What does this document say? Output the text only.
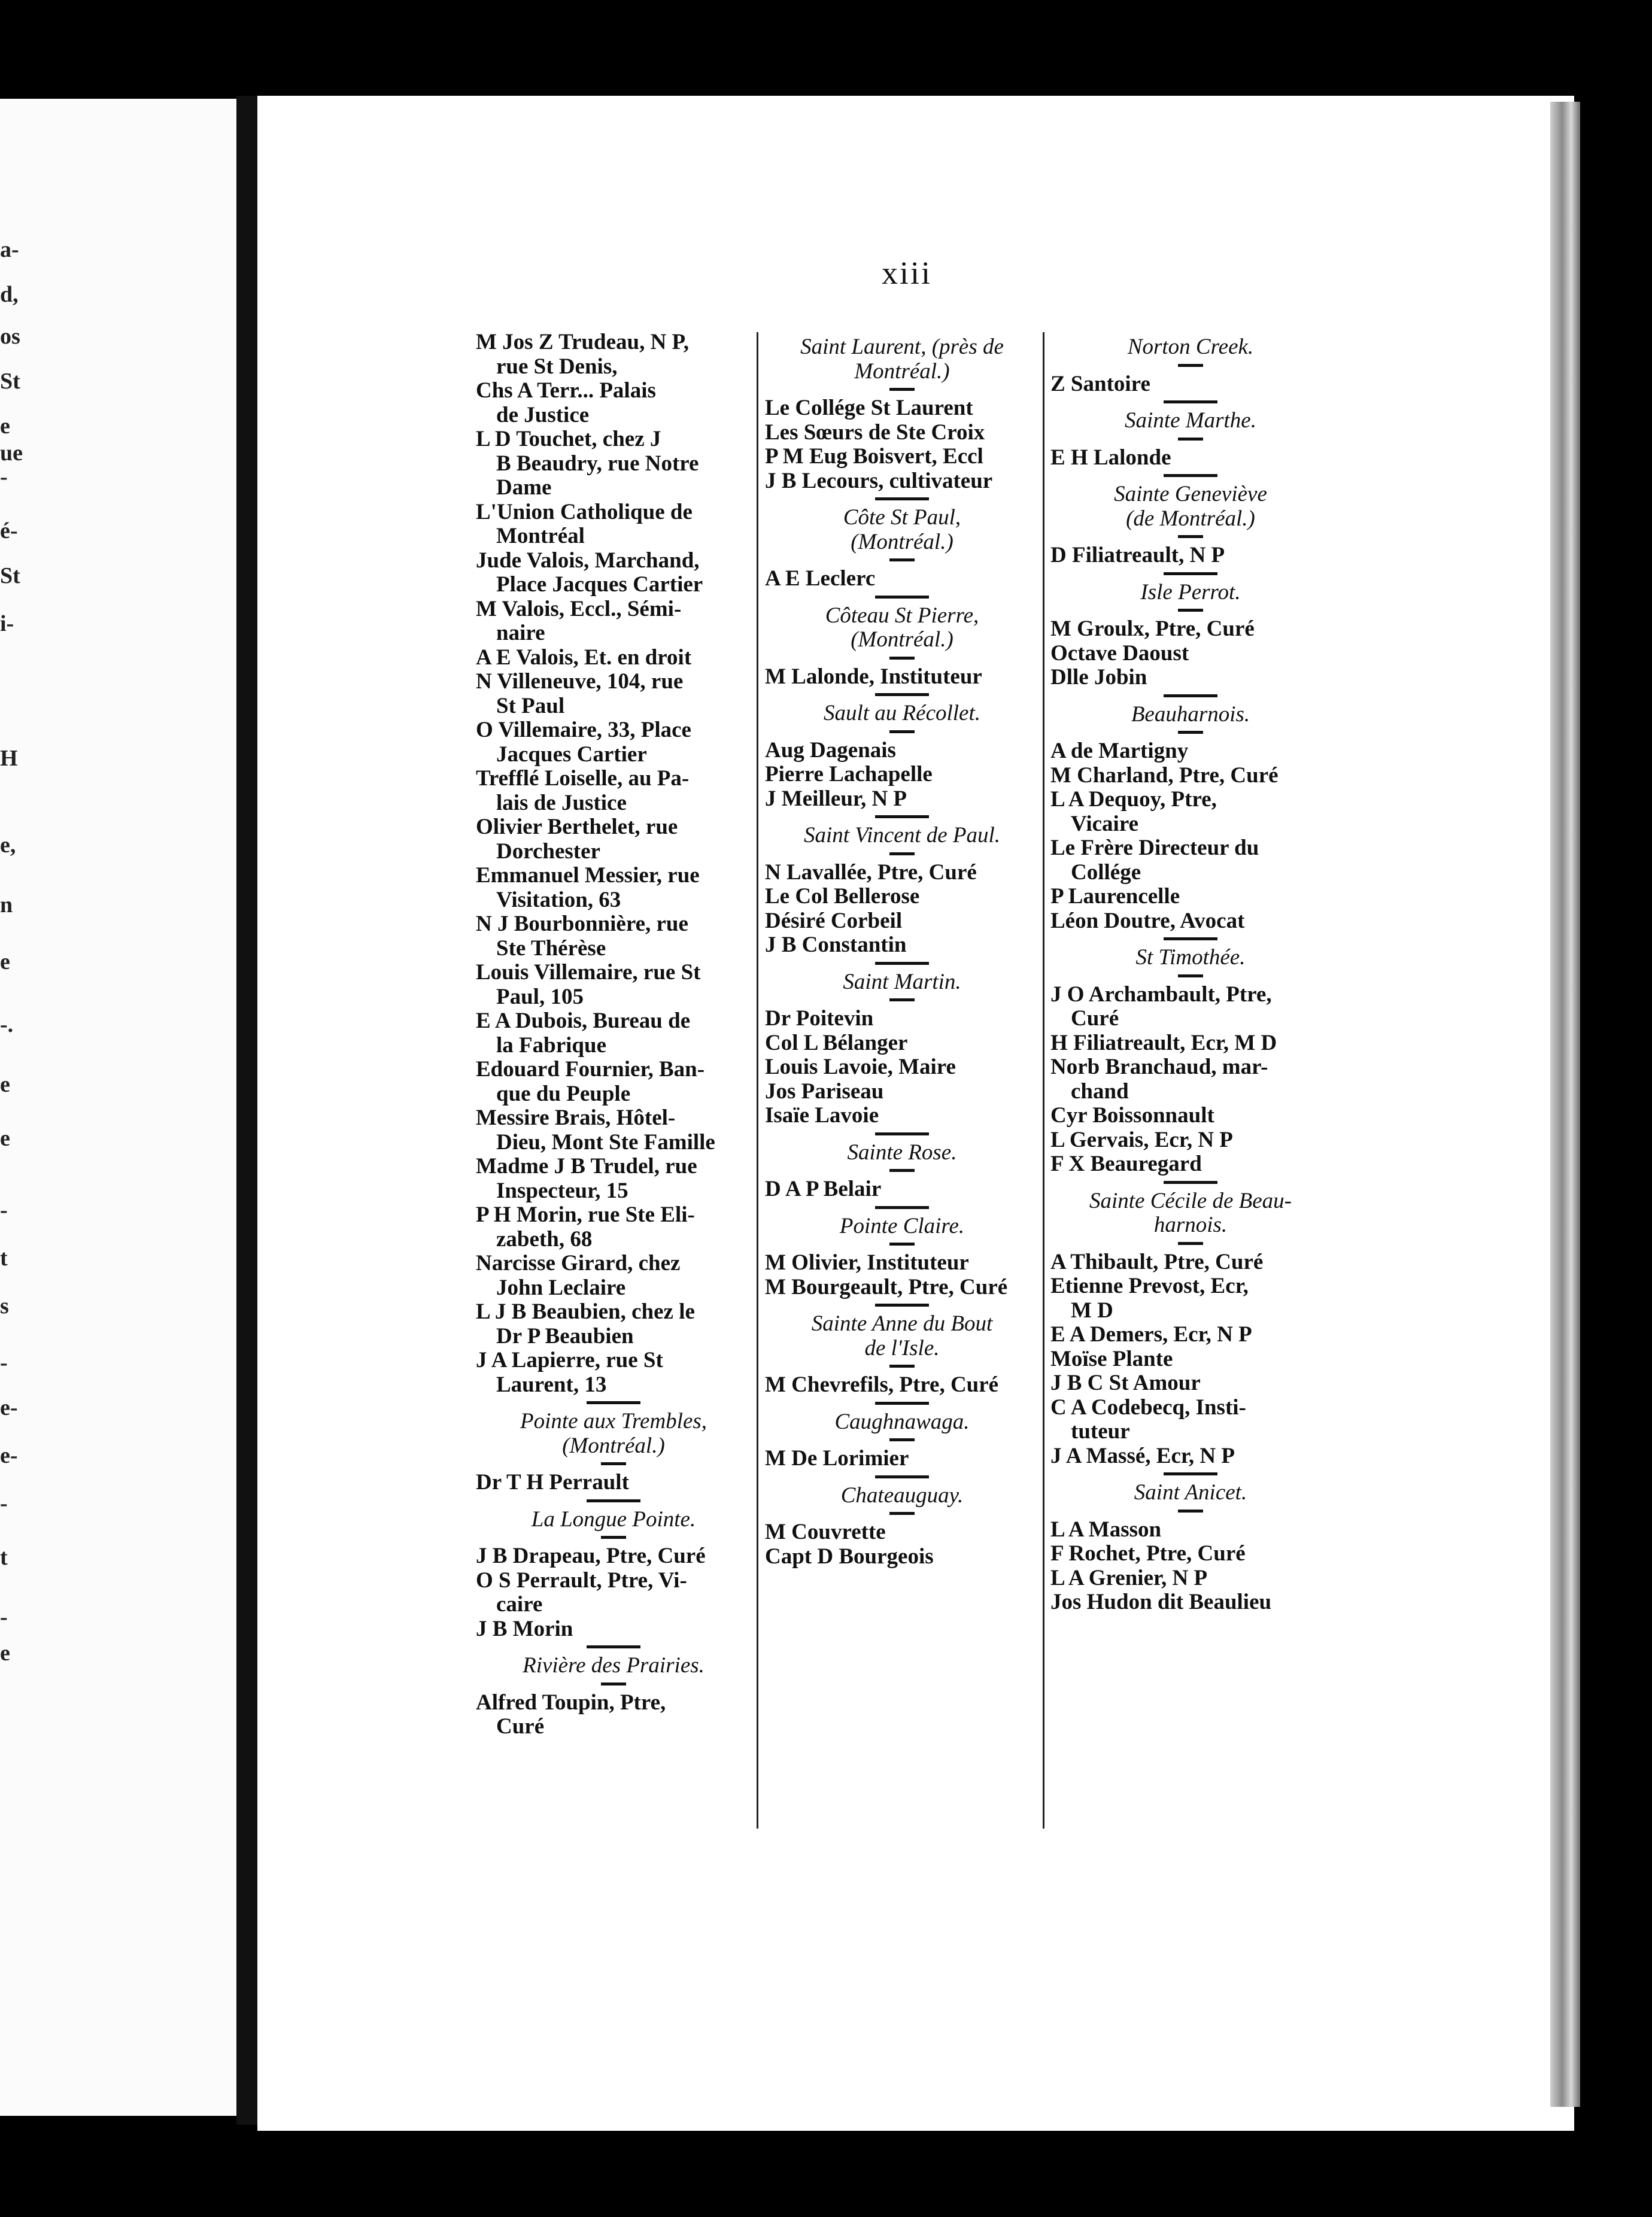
a-
d,
os
St
e
ue
-
é-
St
i-
H
e,
n
e
-.
e
e
-
t
s
-
e-
e-
-
t
-
e
xiii
M Jos Z Trudeau, N P,
rue St Denis,
Chs A Terr... Palais
de Justice
L D Touchet, chez J
B Beaudry, rue Notre
Dame
L'Union Catholique de
Montréal
Jude Valois, Marchand,
Place Jacques Cartier
M Valois, Eccl., Sémi-
naire
A E Valois, Et. en droit
N Villeneuve, 104, rue
St Paul
O Villemaire, 33, Place
Jacques Cartier
Trefflé Loiselle, au Pa-
lais de Justice
Olivier Berthelet, rue
Dorchester
Emmanuel Messier, rue
Visitation, 63
N J Bourbonnière, rue
Ste Thérèse
Louis Villemaire, rue St
Paul, 105
E A Dubois, Bureau de
la Fabrique
Edouard Fournier, Ban-
que du Peuple
Messire Brais, Hôtel-
Dieu, Mont Ste Famille
Madme J B Trudel, rue
Inspecteur, 15
P H Morin, rue Ste Eli-
zabeth, 68
Narcisse Girard, chez
John Leclaire
L J B Beaubien, chez le
Dr P Beaubien
J A Lapierre, rue St
Laurent, 13
Pointe aux Trembles,
(Montréal.)
Dr T H Perrault
La Longue Pointe.
J B Drapeau, Ptre, Curé
O S Perrault, Ptre, Vi-
caire
J B Morin
Rivière des Prairies.
Alfred Toupin, Ptre,
Curé
Saint Laurent, (près de
Montréal.)
Le Collége St Laurent
Les Sœurs de Ste Croix
P M Eug Boisvert, Eccl
J B Lecours, cultivateur
Côte St Paul,
(Montréal.)
A E Leclerc
Côteau St Pierre,
(Montréal.)
M Lalonde, Instituteur
Sault au Récollet.
Aug Dagenais
Pierre Lachapelle
J Meilleur, N P
Saint Vincent de Paul.
N Lavallée, Ptre, Curé
Le Col Bellerose
Désiré Corbeil
J B Constantin
Saint Martin.
Dr Poitevin
Col L Bélanger
Louis Lavoie, Maire
Jos Pariseau
Isaïe Lavoie
Sainte Rose.
D A P Belair
Pointe Claire.
M Olivier, Instituteur
M Bourgeault, Ptre, Curé
Sainte Anne du Bout
de l'Isle.
M Chevrefils, Ptre, Curé
Caughnawaga.
M De Lorimier
Chateauguay.
M Couvrette
Capt D Bourgeois
Norton Creek.
Z Santoire
Sainte Marthe.
E H Lalonde
Sainte Geneviève
(de Montréal.)
D Filiatreault, N P
Isle Perrot.
M Groulx, Ptre, Curé
Octave Daoust
Dlle Jobin
Beauharnois.
A de Martigny
M Charland, Ptre, Curé
L A Dequoy, Ptre,
Vicaire
Le Frère Directeur du
Collége
P Laurencelle
Léon Doutre, Avocat
St Timothée.
J O Archambault, Ptre,
Curé
H Filiatreault, Ecr, M D
Norb Branchaud, mar-
chand
Cyr Boissonnault
L Gervais, Ecr, N P
F X Beauregard
Sainte Cécile de Beau-
harnois.
A Thibault, Ptre, Curé
Etienne Prevost, Ecr,
M D
E A Demers, Ecr, N P
Moïse Plante
J B C St Amour
C A Codebecq, Insti-
tuteur
J A Massé, Ecr, N P
Saint Anicet.
L A Masson
F Rochet, Ptre, Curé
L A Grenier, N P
Jos Hudon dit Beaulieu
